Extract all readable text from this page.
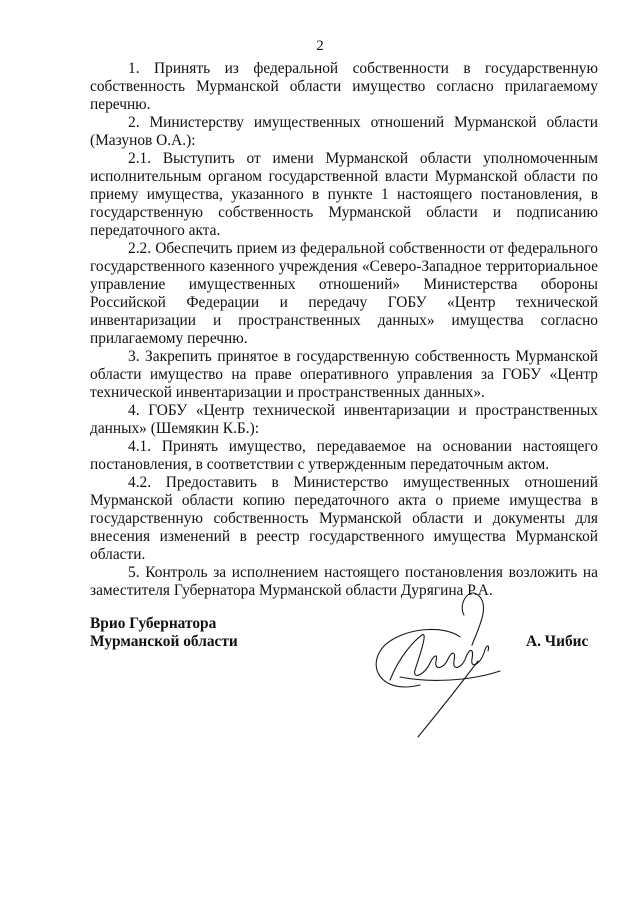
2

1. Принять из федеральной собственности в государственную собственность Мурманской области имущество согласно прилагаемому перечню.

2. Министерству имущественных отношений Мурманской области (Мазунов О.А.):

2.1. Выступить от имени Мурманской области уполномоченным исполнительным органом государственной власти Мурманской области по приему имущества, указанного в пункте 1 настоящего постановления, в государственную собственность Мурманской области и подписанию передаточного акта.

2.2. Обеспечить прием из федеральной собственности от федерального государственного казенного учреждения «Северо-Западное территориальное управление имущественных отношений» Министерства обороны Российской Федерации и передачу ГОБУ «Центр технической инвентаризации и пространственных данных» имущества согласно прилагаемому перечню.

3. Закрепить принятое в государственную собственность Мурманской области имущество на праве оперативного управления за ГОБУ «Центр технической инвентаризации и пространственных данных».

4. ГОБУ «Центр технической инвентаризации и пространственных данных» (Шемякин К.Б.):

4.1. Принять имущество, передаваемое на основании настоящего постановления, в соответствии с утвержденным передаточным актом.

4.2. Предоставить в Министерство имущественных отношений Мурманской области копию передаточного акта о приеме имущества в государственную собственность Мурманской области и документы для внесения изменений в реестр государственного имущества Мурманской области.

5. Контроль за исполнением настоящего постановления возложить на заместителя Губернатора Мурманской области Дурягина Р.А.

Врио Губернатора
Мурманской области	А. Чибис
